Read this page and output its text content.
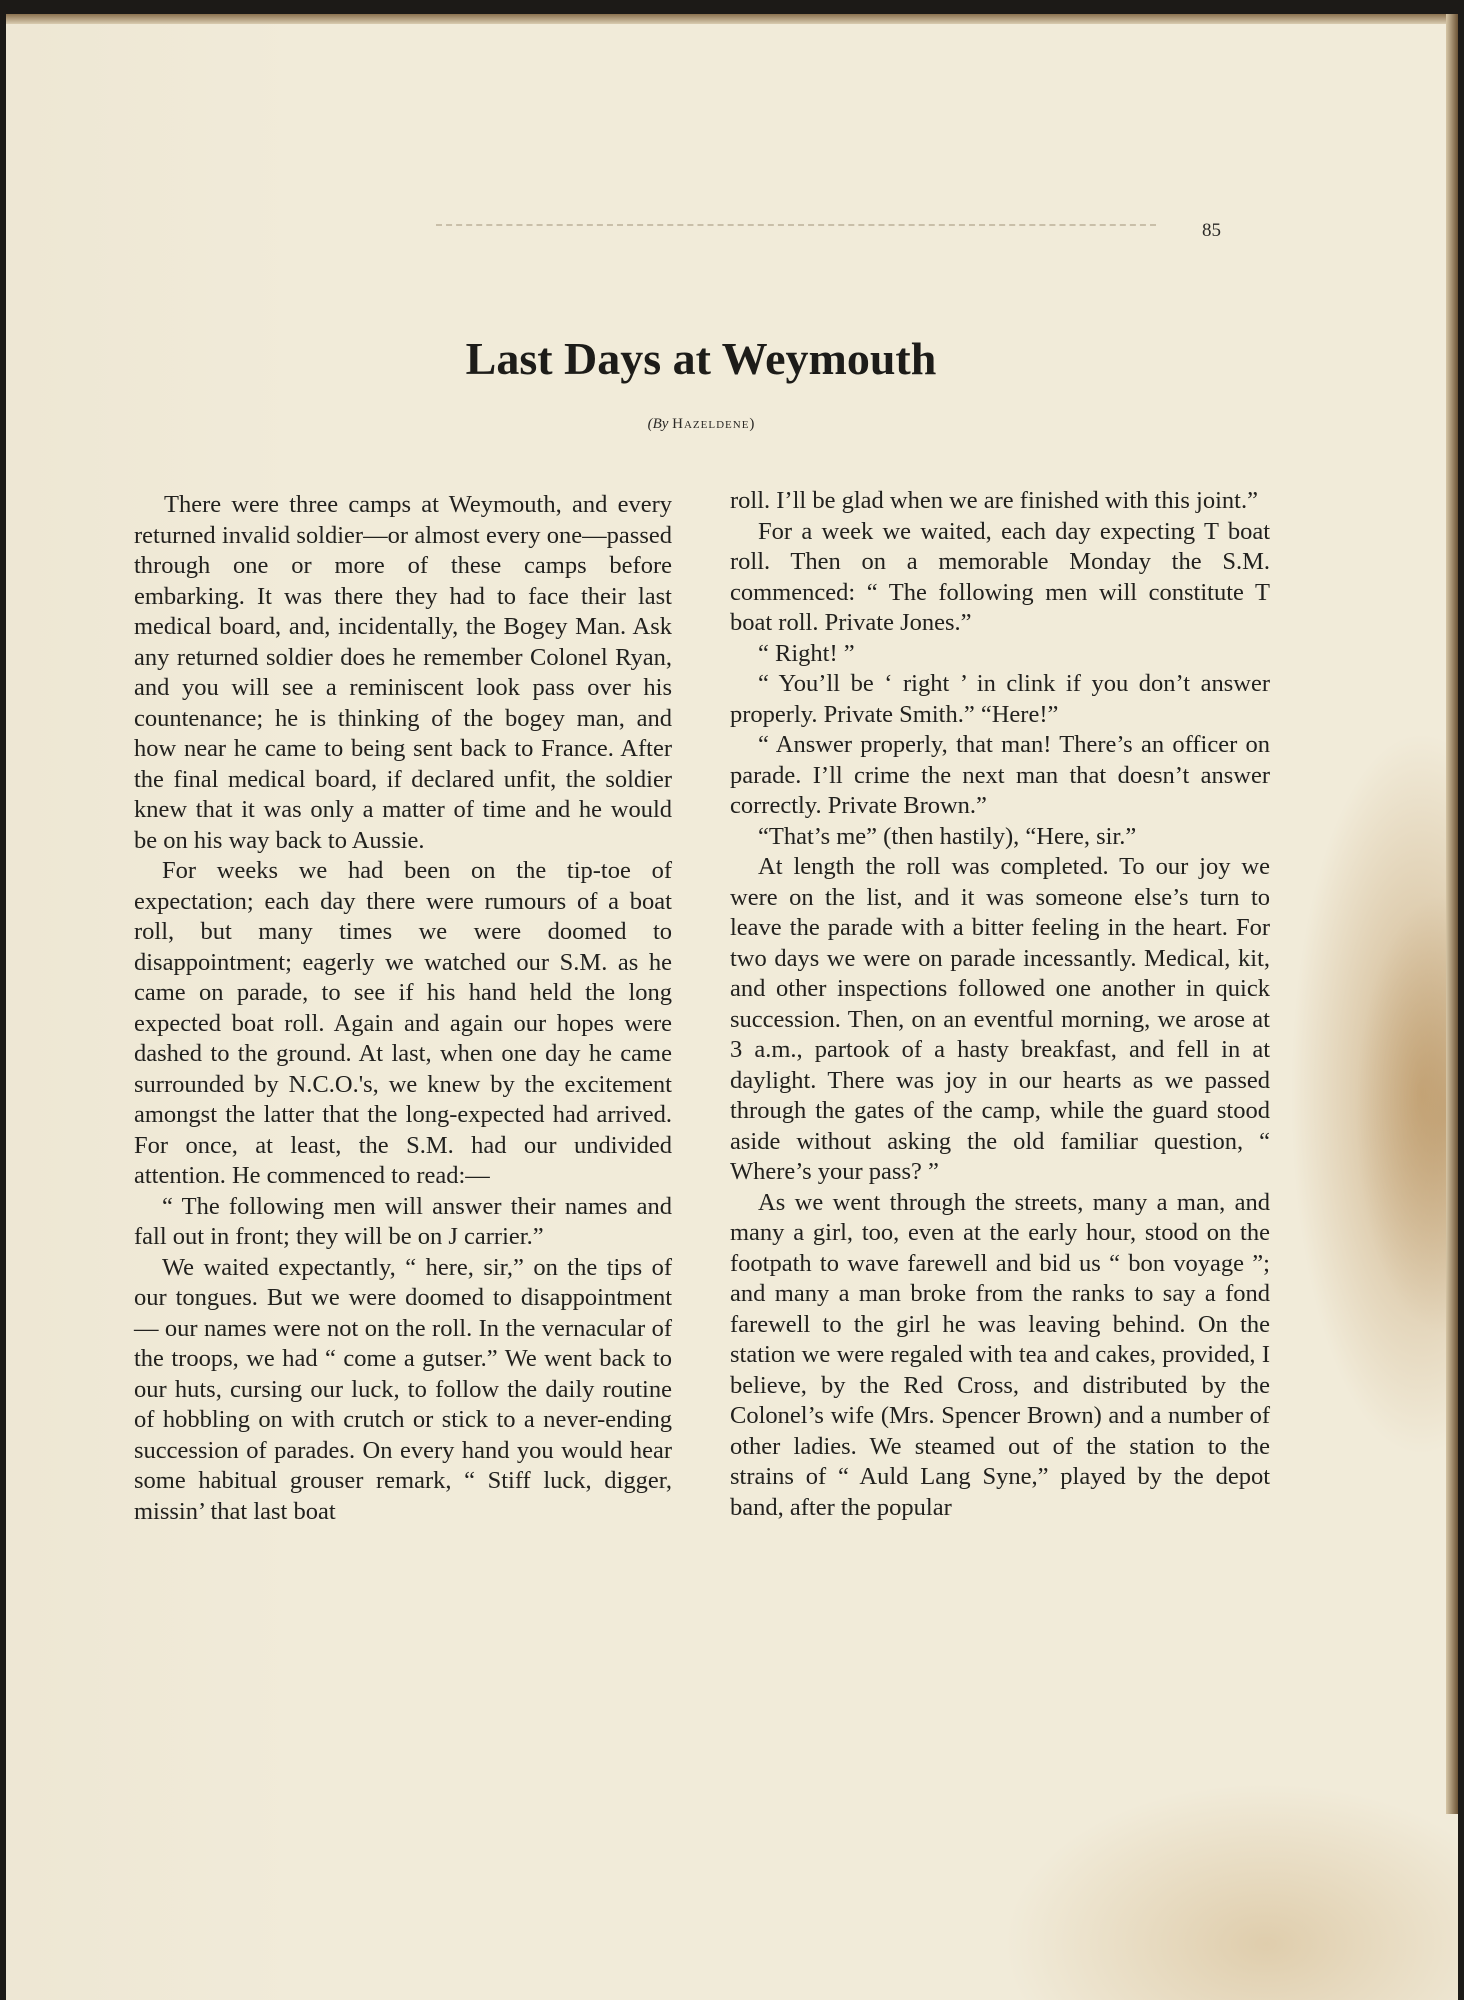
85
Last Days at Weymouth
(By Hazeldene)

There were three camps at Weymouth, and every returned invalid soldier—or almost every one—passed through one or more of these camps before embarking. It was there they had to face their last medical board, and, incidentally, the Bogey Man. Ask any returned soldier does he remember Colonel Ryan, and you will see a reminiscent look pass over his countenance; he is thinking of the bogey man, and how near he came to being sent back to France. After the final medical board, if declared unfit, the soldier knew that it was only a matter of time and he would be on his way back to Aussie.

For weeks we had been on the tip-toe of expectation; each day there were rumours of a boat roll, but many times we were doomed to disappointment; eagerly we watched our S.M. as he came on parade, to see if his hand held the long expected boat roll. Again and again our hopes were dashed to the ground. At last, when one day he came surrounded by N.C.O.'s, we knew by the excitement amongst the latter that the long-expected had arrived. For once, at least, the S.M. had our undivided attention. He commenced to read:—

“ The following men will answer their names and fall out in front; they will be on J carrier.”

We waited expectantly, “ here, sir,” on the tips of our tongues. But we were doomed to disappointment — our names were not on the roll. In the vernacular of the troops, we had “ come a gutser.” We went back to our huts, cursing our luck, to follow the daily routine of hobbling on with crutch or stick to a never-ending succession of parades. On every hand you would hear some habitual grouser remark, “ Stiff luck, digger, missin’ that last boat

roll. I’ll be glad when we are finished with this joint.”

For a week we waited, each day expecting T boat roll. Then on a memorable Monday the S.M. commenced: “ The following men will constitute T boat roll. Private Jones.”

“ Right! ”

“ You’ll be ‘ right ’ in clink if you don’t answer properly. Private Smith.” “Here!”

“ Answer properly, that man! There’s an officer on parade. I’ll crime the next man that doesn’t answer correctly. Private Brown.”

“That’s me” (then hastily), “Here, sir.”

At length the roll was completed. To our joy we were on the list, and it was someone else’s turn to leave the parade with a bitter feeling in the heart. For two days we were on parade incessantly. Medical, kit, and other inspections followed one another in quick succession. Then, on an eventful morning, we arose at 3 a.m., partook of a hasty breakfast, and fell in at daylight. There was joy in our hearts as we passed through the gates of the camp, while the guard stood aside without asking the old familiar question, “ Where’s your pass? ”

As we went through the streets, many a man, and many a girl, too, even at the early hour, stood on the footpath to wave farewell and bid us “ bon voyage ”; and many a man broke from the ranks to say a fond farewell to the girl he was leaving behind. On the station we were regaled with tea and cakes, provided, I believe, by the Red Cross, and distributed by the Colonel’s wife (Mrs. Spencer Brown) and a number of other ladies. We steamed out of the station to the strains of “ Auld Lang Syne,” played by the depot band, after the popular
